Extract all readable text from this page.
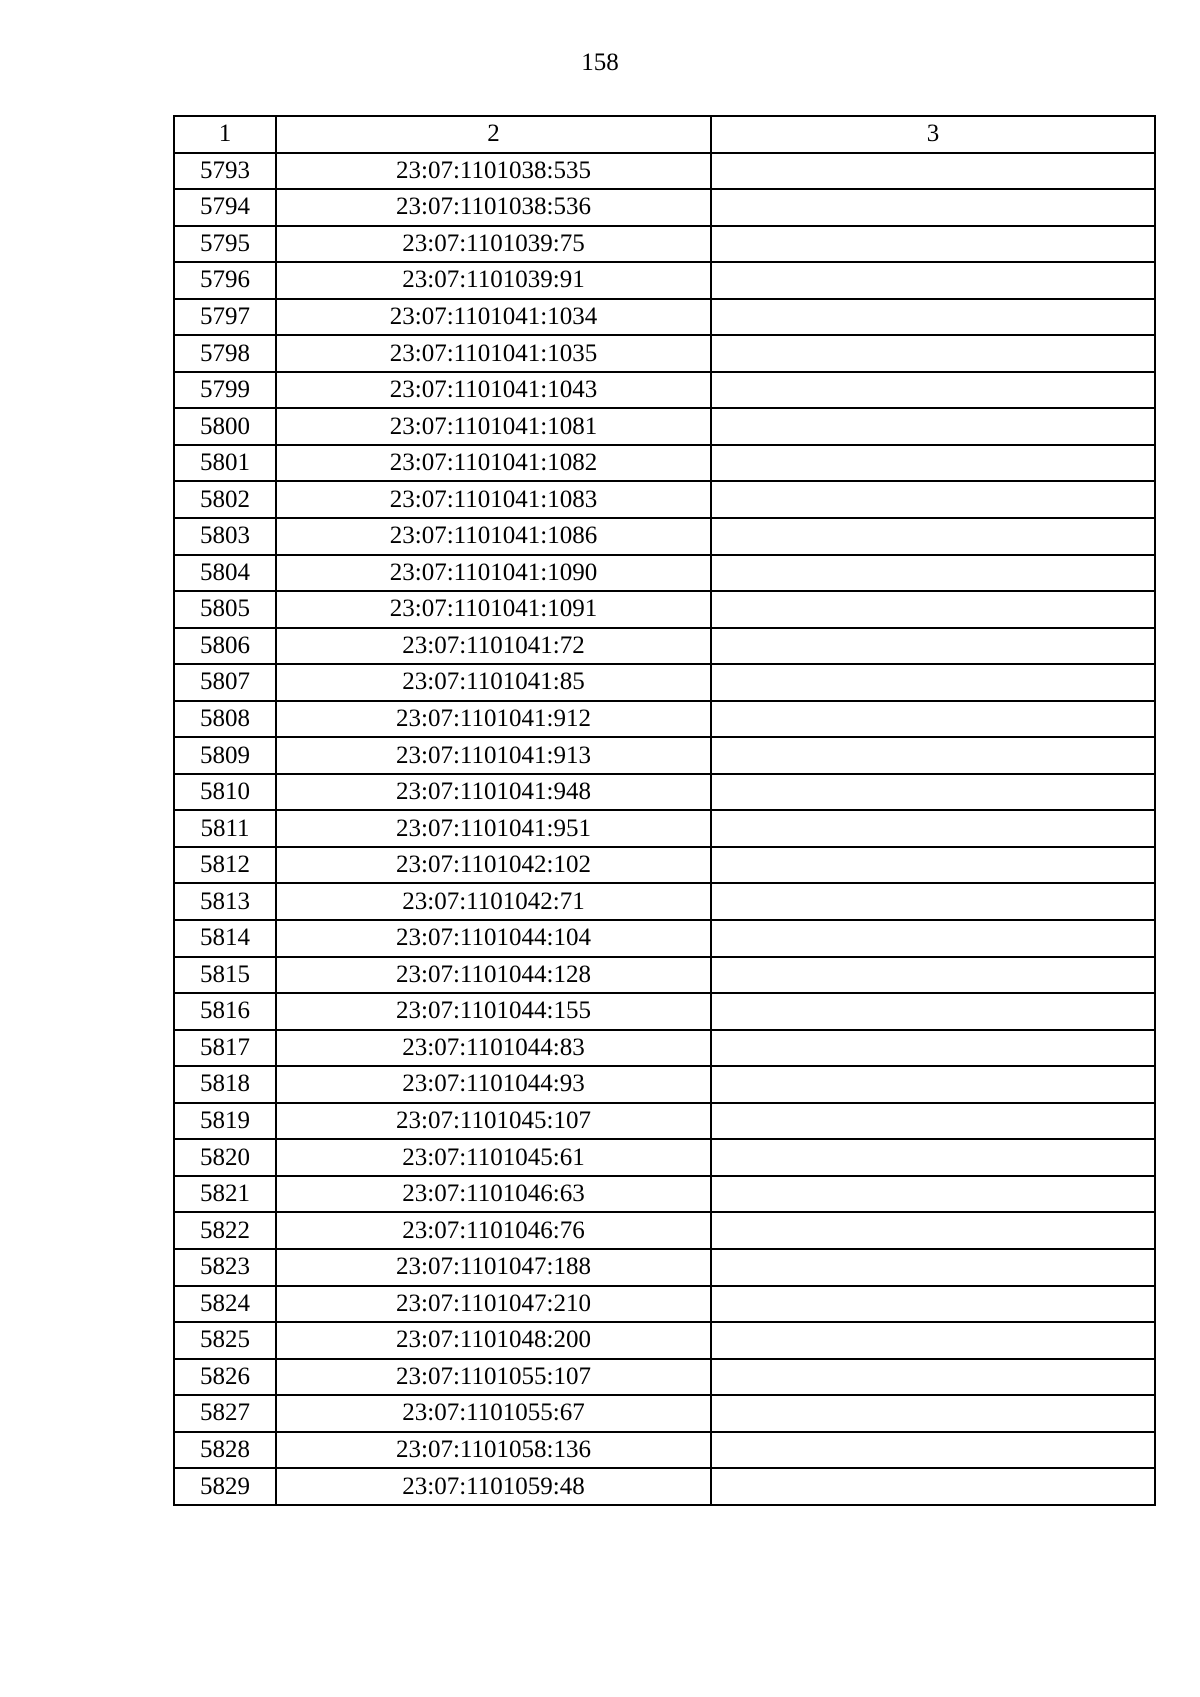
158
1	2	3
5793	23:07:1101038:535	
5794	23:07:1101038:536	
5795	23:07:1101039:75	
5796	23:07:1101039:91	
5797	23:07:1101041:1034	
5798	23:07:1101041:1035	
5799	23:07:1101041:1043	
5800	23:07:1101041:1081	
5801	23:07:1101041:1082	
5802	23:07:1101041:1083	
5803	23:07:1101041:1086	
5804	23:07:1101041:1090	
5805	23:07:1101041:1091	
5806	23:07:1101041:72	
5807	23:07:1101041:85	
5808	23:07:1101041:912	
5809	23:07:1101041:913	
5810	23:07:1101041:948	
5811	23:07:1101041:951	
5812	23:07:1101042:102	
5813	23:07:1101042:71	
5814	23:07:1101044:104	
5815	23:07:1101044:128	
5816	23:07:1101044:155	
5817	23:07:1101044:83	
5818	23:07:1101044:93	
5819	23:07:1101045:107	
5820	23:07:1101045:61	
5821	23:07:1101046:63	
5822	23:07:1101046:76	
5823	23:07:1101047:188	
5824	23:07:1101047:210	
5825	23:07:1101048:200	
5826	23:07:1101055:107	
5827	23:07:1101055:67	
5828	23:07:1101058:136	
5829	23:07:1101059:48	
